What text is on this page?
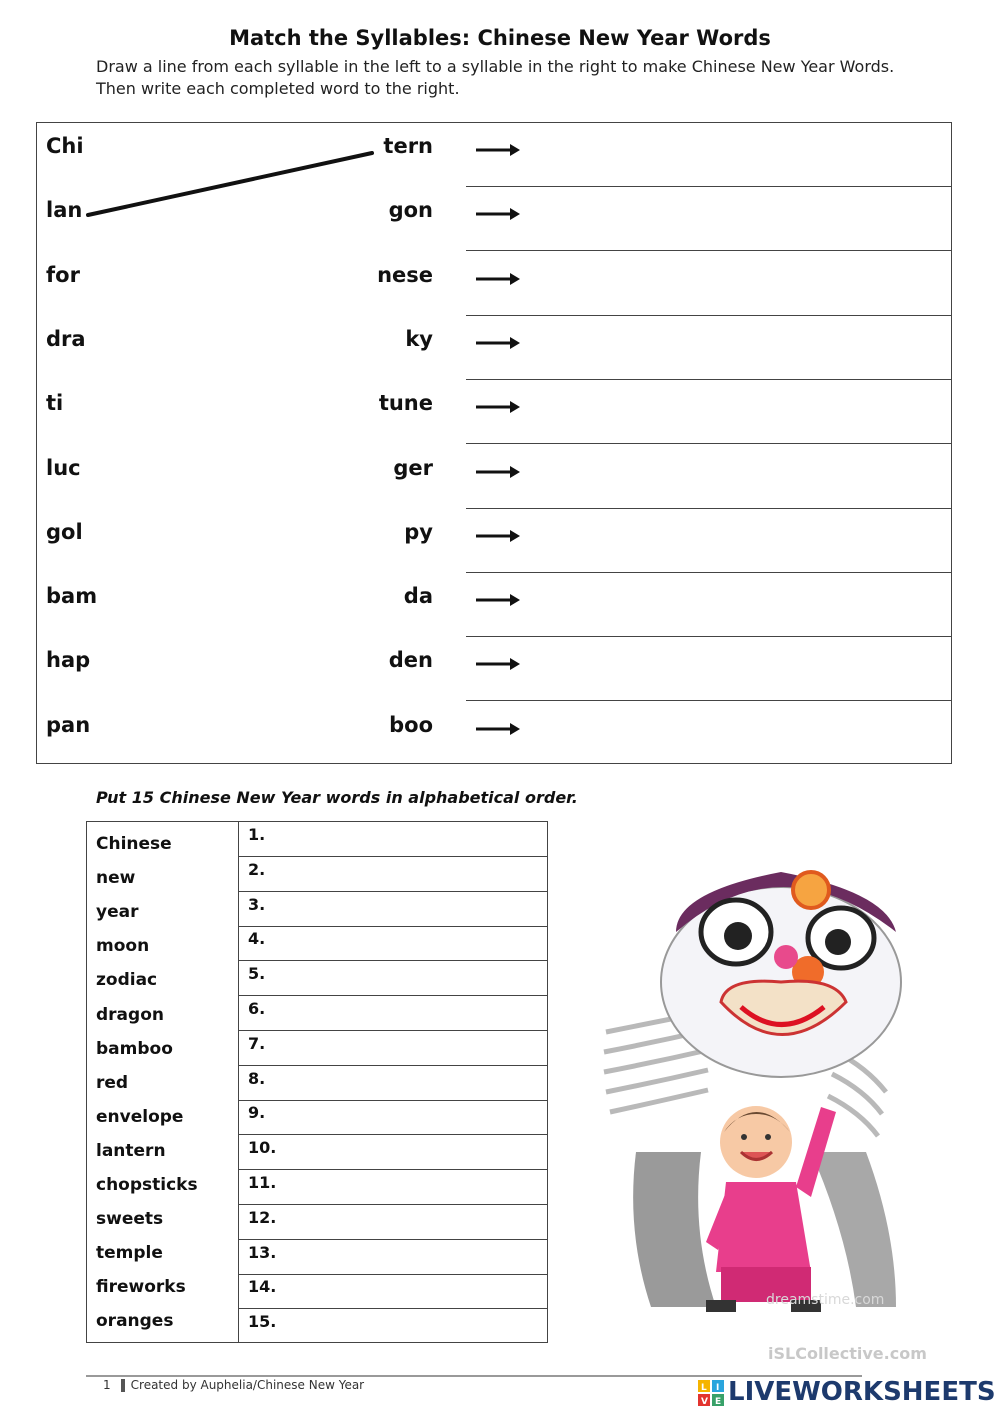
Match the Syllables: Chinese New Year Words
Draw a line from each syllable in the left to a syllable in the right to make Chinese New Year Words. Then write each completed word to the right.
Chi	tern
lan	gon
for	nese
dra	ky
ti	tune
luc	ger
gol	py
bam	da
hap	den
pan	boo
Put 15 Chinese New Year words in alphabetical order.
Chinese	1.
new	2.
year	3.
moon	4.
zodiac	5.
dragon	6.
bamboo	7.
red	8.
envelope	9.
lantern	10.
chopsticks	11.
sweets	12.
temple	13.
fireworks	14.
oranges	15.
dreamstime.com
iSLCollective.com
1 Created by Auphelia/Chinese New Year	L I
V E LIVEWORKSHEETS
